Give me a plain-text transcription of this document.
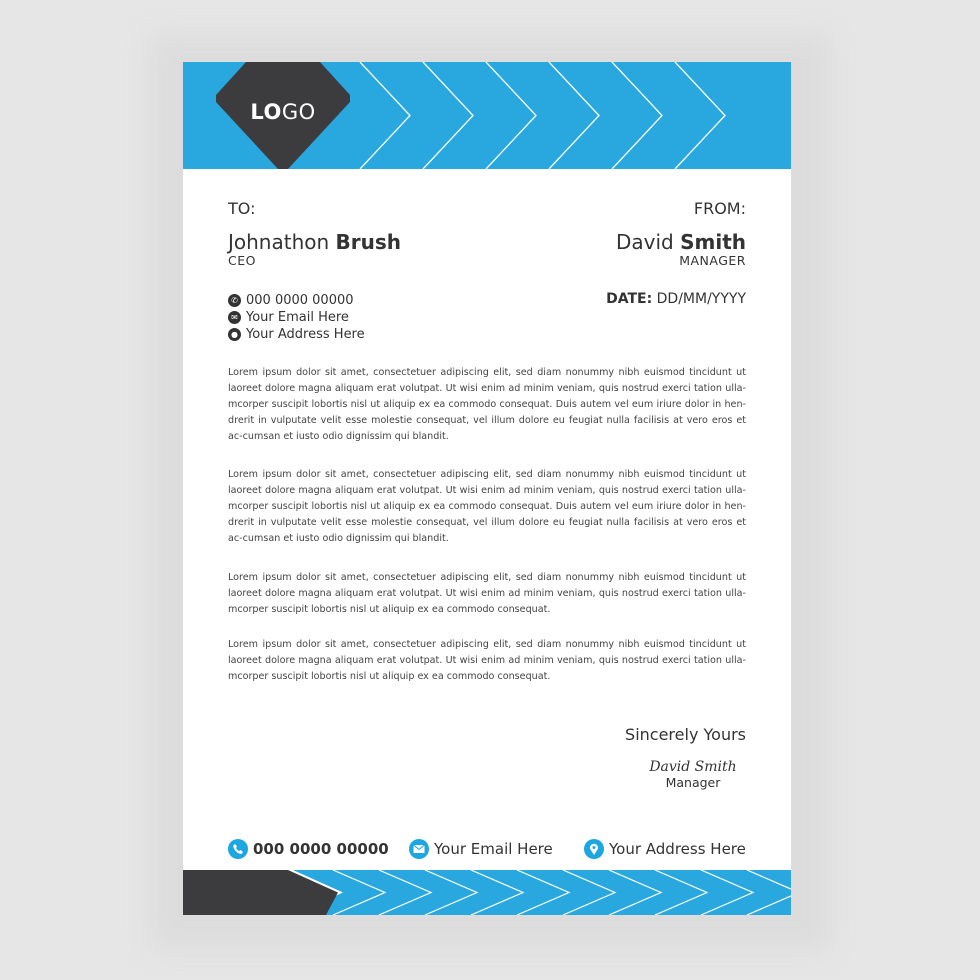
LOGO
TO:
Johnathon Brush
CEO
FROM:
David Smith
MANAGER
✆ 000 0000 00000
✉ Your Email Here
● Your Address Here
DATE: DD/MM/YYYY

Lorem ipsum dolor sit amet, consectetuer adipiscing elit, sed diam nonummy nibh euismod tincidunt ut laoreet dolore magna aliquam erat volutpat. Ut wisi enim ad minim veniam, quis nostrud exerci tation ulla-mcorper suscipit lobortis nisl ut aliquip ex ea commodo consequat. Duis autem vel eum iriure dolor in hen-drerit in vulputate velit esse molestie consequat, vel illum dolore eu feugiat nulla facilisis at vero eros et ac-cumsan et iusto odio dignissim qui blandit.

Lorem ipsum dolor sit amet, consectetuer adipiscing elit, sed diam nonummy nibh euismod tincidunt ut laoreet dolore magna aliquam erat volutpat. Ut wisi enim ad minim veniam, quis nostrud exerci tation ulla-mcorper suscipit lobortis nisl ut aliquip ex ea commodo consequat. Duis autem vel eum iriure dolor in hen-drerit in vulputate velit esse molestie consequat, vel illum dolore eu feugiat nulla facilisis at vero eros et ac-cumsan et iusto odio dignissim qui blandit.

Lorem ipsum dolor sit amet, consectetuer adipiscing elit, sed diam nonummy nibh euismod tincidunt ut laoreet dolore magna aliquam erat volutpat. Ut wisi enim ad minim veniam, quis nostrud exerci tation ulla-mcorper suscipit lobortis nisl ut aliquip ex ea commodo consequat.

Lorem ipsum dolor sit amet, consectetuer adipiscing elit, sed diam nonummy nibh euismod tincidunt ut laoreet dolore magna aliquam erat volutpat. Ut wisi enim ad minim veniam, quis nostrud exerci tation ulla-mcorper suscipit lobortis nisl ut aliquip ex ea commodo consequat.

Sincerely Yours
David Smith
Manager
000 0000 00000	Your Email Here	Your Address Here
